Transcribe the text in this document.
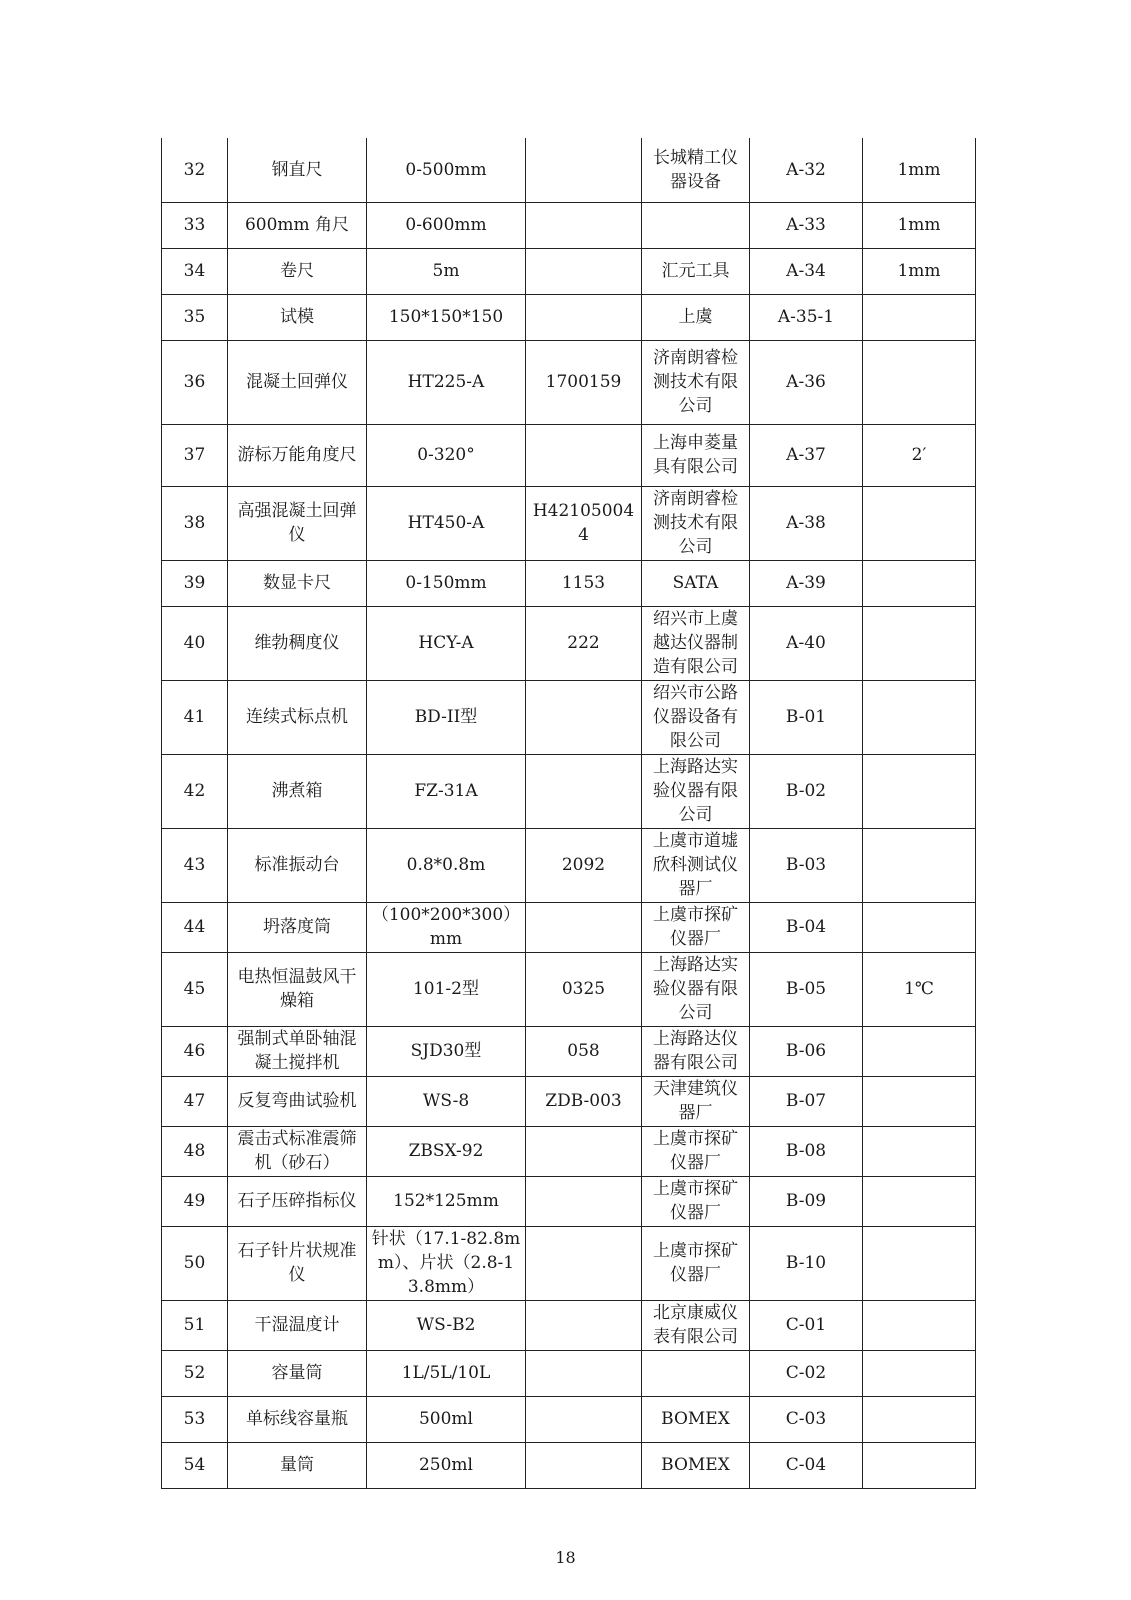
32	钢直尺	0-500mm		长城精工仪器设备	A-32	1mm
33	600mm 角尺	0-600mm			A-33	1mm
34	卷尺	5m		汇元工具	A-34	1mm
35	试模	150*150*150		上虞	A-35-1	
36	混凝土回弹仪	HT225-A	1700159	济南朗睿检测技术有限公司	A-36	
37	游标万能角度尺	0-320°		上海申菱量具有限公司	A-37	2′
38	高强混凝土回弹仪	HT450-A	H421050044	济南朗睿检测技术有限公司	A-38	
39	数显卡尺	0-150mm	1153	SATA	A-39	
40	维勃稠度仪	HCY-A	222	绍兴市上虞越达仪器制造有限公司	A-40	
41	连续式标点机	BD-II型		绍兴市公路仪器设备有限公司	B-01	
42	沸煮箱	FZ-31A		上海路达实验仪器有限公司	B-02	
43	标准振动台	0.8*0.8m	2092	上虞市道墟欣科测试仪器厂	B-03	
44	坍落度筒	（100*200*300）mm		上虞市探矿仪器厂	B-04	
45	电热恒温鼓风干燥箱	101-2型	0325	上海路达实验仪器有限公司	B-05	1℃
46	强制式单卧轴混凝土搅拌机	SJD30型	058	上海路达仪器有限公司	B-06	
47	反复弯曲试验机	WS-8	ZDB-003	天津建筑仪器厂	B-07	
48	震击式标准震筛机（砂石）	ZBSX-92		上虞市探矿仪器厂	B-08	
49	石子压碎指标仪	152*125mm		上虞市探矿仪器厂	B-09	
50	石子针片状规准仪	针状（17.1-82.8mm）、片状（2.8-13.8mm）		上虞市探矿仪器厂	B-10	
51	干湿温度计	WS-B2		北京康威仪表有限公司	C-01	
52	容量筒	1L/5L/10L			C-02	
53	单标线容量瓶	500ml		BOMEX	C-03	
54	量筒	250ml		BOMEX	C-04	
18
